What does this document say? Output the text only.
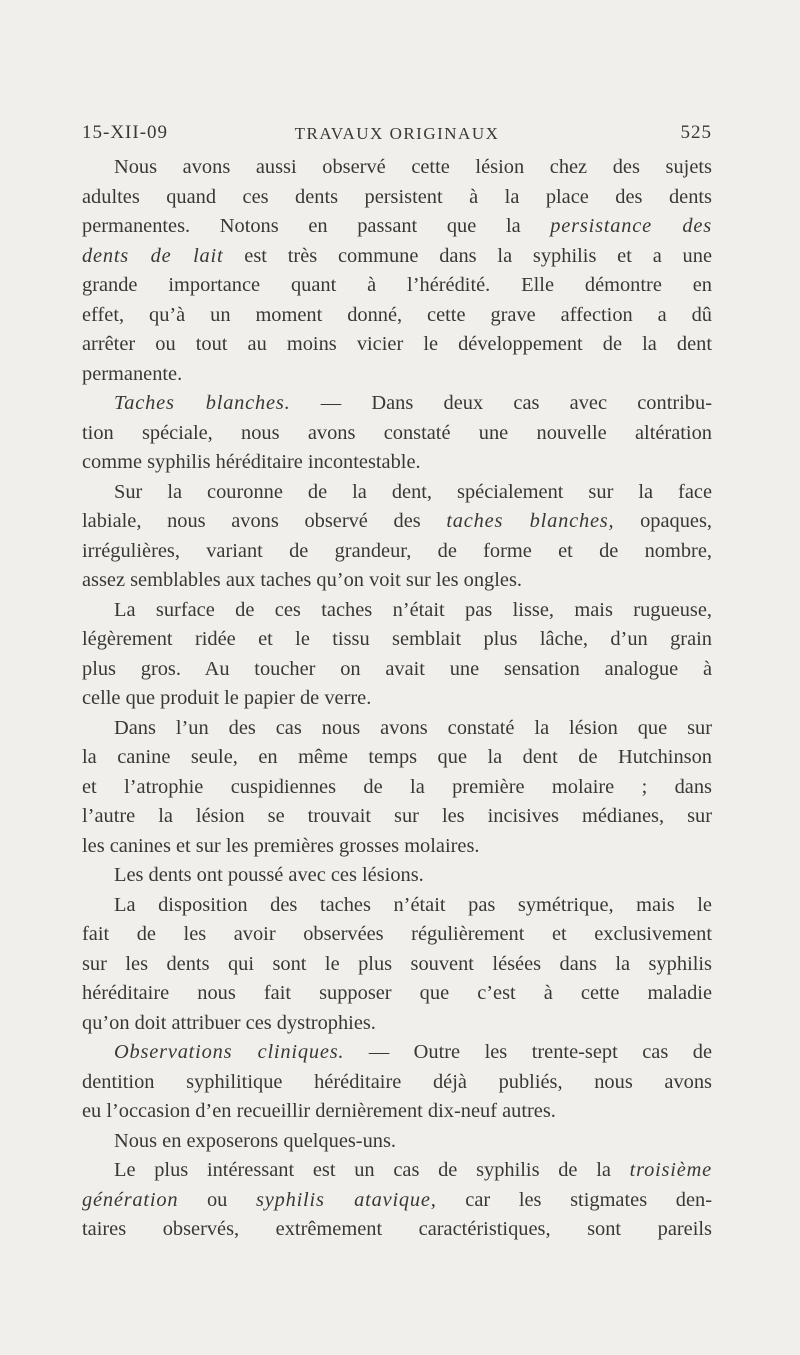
15-XII-09	TRAVAUX ORIGINAUX	525
Nous avons aussi observé cette lésion chez des sujets
adultes quand ces dents persistent à la place des dents
permanentes. Notons en passant que la persistance des
dents de lait est très commune dans la syphilis et a une
grande importance quant à l’hérédité. Elle démontre en
effet, qu’à un moment donné, cette grave affection a dû
arrêter ou tout au moins vicier le développement de la dent
permanente.
Taches blanches. — Dans deux cas avec contribu-
tion spéciale, nous avons constaté une nouvelle altération
comme syphilis héréditaire incontestable.
Sur la couronne de la dent, spécialement sur la face
labiale, nous avons observé des taches blanches, opaques,
irrégulières, variant de grandeur, de forme et de nombre,
assez semblables aux taches qu’on voit sur les ongles.
La surface de ces taches n’était pas lisse, mais rugueuse,
légèrement ridée et le tissu semblait plus lâche, d’un grain
plus gros. Au toucher on avait une sensation analogue à
celle que produit le papier de verre.
Dans l’un des cas nous avons constaté la lésion que sur
la canine seule, en même temps que la dent de Hutchinson
et l’atrophie cuspidiennes de la première molaire ; dans
l’autre la lésion se trouvait sur les incisives médianes, sur
les canines et sur les premières grosses molaires.
Les dents ont poussé avec ces lésions.
La disposition des taches n’était pas symétrique, mais le
fait de les avoir observées régulièrement et exclusivement
sur les dents qui sont le plus souvent lésées dans la syphilis
héréditaire nous fait supposer que c’est à cette maladie
qu’on doit attribuer ces dystrophies.
Observations cliniques. — Outre les trente-sept cas de
dentition syphilitique héréditaire déjà publiés, nous avons
eu l’occasion d’en recueillir dernièrement dix-neuf autres.
Nous en exposerons quelques-uns.
Le plus intéressant est un cas de syphilis de la troisième
génération ou syphilis atavique, car les stigmates den-
taires observés, extrêmement caractéristiques, sont pareils
